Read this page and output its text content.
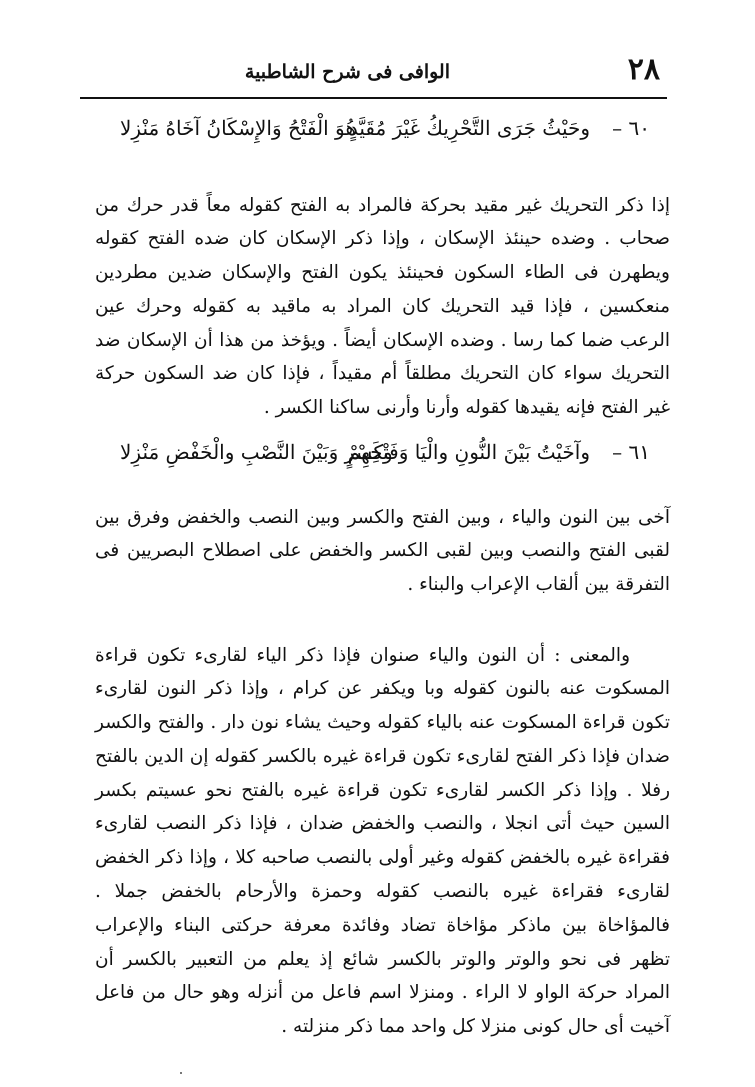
٢٨
الوافى فى شرح الشاطبية
٦٠ –
وحَيْثُ جَرَى التَّحْرِيكُ غَيْرَ مُقَيَّدٍ
هُوَ الْفَتْحُ وَالإِسْكَانُ آخَاهُ مَنْزِلا

إذا ذكر التحريك غير مقيد بحركة فالمراد به الفتح كقوله معاً قدر حرك من صحاب . وضده حينئذ الإسكان ، وإذا ذكر الإسكان كان ضده الفتح كقوله ويطهرن فى الطاء السكون فحينئذ يكون الفتح والإسكان ضدين مطردين منعكسين ، فإذا قيد التحريك كان المراد به ماقيد به كقوله وحرك عين الرعب ضما كما رسا . وضده الإسكان أيضاً . ويؤخذ من هذا أن الإسكان ضد التحريك سواء كان التحريك مطلقاً أم مقيداً ، فإذا كان ضد السكون حركة غير الفتح فإنه يقيدها كقوله وأرنا وأرنى ساكنا الكسر .

٦١ –
وآخَيْتُ بَيْنَ النُّونِ والْيَا وَفَتْحِهِمْ
وكَسْرٍ وَبَيْنَ النَّصْبِ والْخَفْضِ مَنْزِلا

آخى بين النون والياء ، وبين الفتح والكسر وبين النصب والخفض وفرق بين لقبى الفتح والنصب وبين لقبى الكسر والخفض على اصطلاح البصريين فى التفرقة بين ألقاب الإعراب والبناء .

والمعنى : أن النون والياء صنوان فإذا ذكر الياء لقارىء تكون قراءة المسكوت عنه بالنون كقوله وبا ويكفر عن كرام ، وإذا ذكر النون لقارىء تكون قراءة المسكوت عنه بالياء كقوله وحيث يشاء نون دار . والفتح والكسر ضدان فإذا ذكر الفتح لقارىء تكون قراءة غيره بالكسر كقوله إن الدين بالفتح رفلا . وإذا ذكر الكسر لقارىء تكون قراءة غيره بالفتح نحو عسيتم بكسر السين حيث أتى انجلا ، والنصب والخفض ضدان ، فإذا ذكر النصب لقارىء فقراءة غيره بالخفض كقوله وغير أولى بالنصب صاحبه كلا ، وإذا ذكر الخفض لقارىء فقراءة غيره بالنصب كقوله وحمزة والأرحام بالخفض جملا . فالمؤاخاة بين ماذكر مؤاخاة تضاد وفائدة معرفة حركتى البناء والإعراب تظهر فى نحو والوتر والوتر بالكسر شائع إذ يعلم من التعبير بالكسر أن المراد حركة الواو لا الراء . ومنزلا اسم فاعل من أنزله وهو حال من فاعل آخيت أى حال كونى منزلا كل واحد مما ذكر منزلته .
